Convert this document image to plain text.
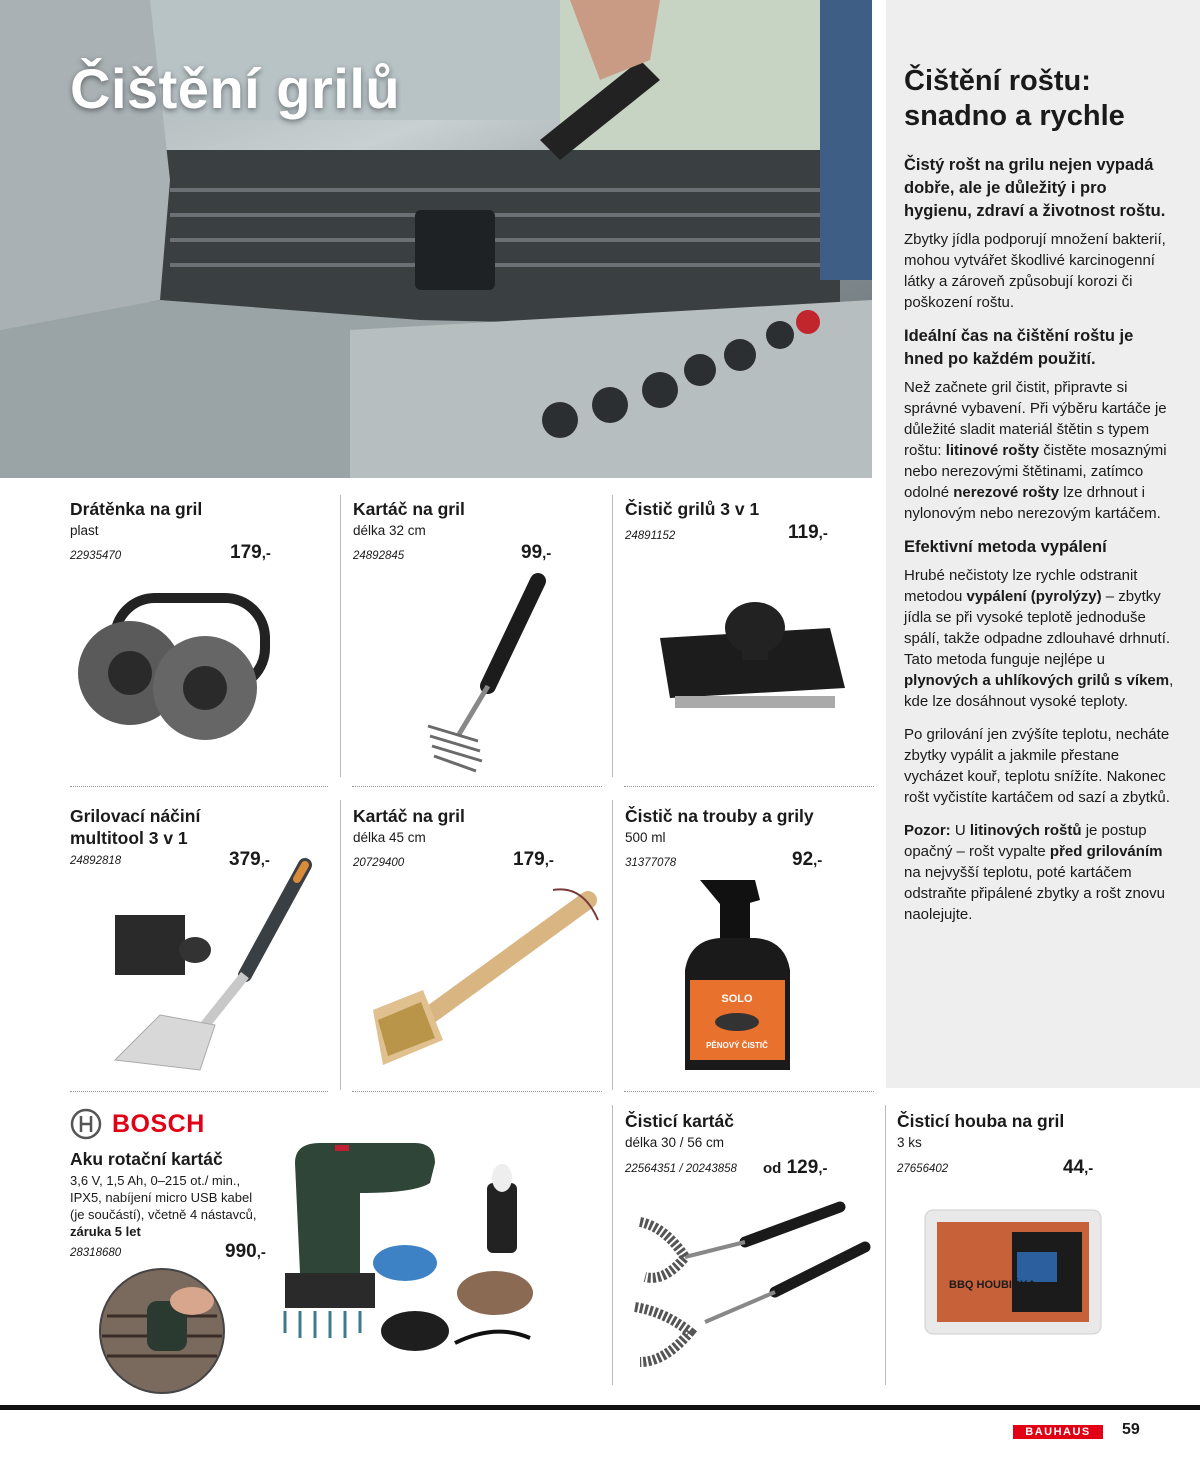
Čištění grilů	Čištění roštu:
snadno a rychle
Čistý rošt na grilu nejen vypadá dobře, ale je důležitý i pro hygienu, zdraví a životnost roštu.
Zbytky jídla podporují množení bakterií, mohou vytvářet škodlivé karcinogenní látky a zároveň způsobují korozi či poškození roštu.
Ideální čas na čištění roštu je hned po každém použití.
Než začnete gril čistit, připravte si správné vybavení. Při výběru kartáče je důležité sladit materiál štětin s typem roštu: litinové rošty čistěte mosaznými nebo nerezovými štětinami, zatímco odolné nerezové rošty lze drhnout i nylonovým nebo nerezovým kartáčem.
Efektivní metoda vypálení
Hrubé nečistoty lze rychle odstranit metodou vypálení (pyrolýzy) – zbytky jídla se při vysoké teplotě jednoduše spálí, takže odpadne zdlouhavé drhnutí. Tato metoda funguje nejlépe u plynových a uhlíkových grilů s víkem, kde lze dosáhnout vysoké teploty.
Po grilování jen zvýšíte teplotu, necháte zbytky vypálit a jakmile přestane vycházet kouř, teplotu snížíte. Nakonec rošt vyčistíte kartáčem od sazí a zbytků.
Pozor: U litinových roštů je postup opačný – rošt vypalte před grilováním na nejvyšší teplotu, poté kartáčem odstraňte připálené zbytky a rošt znovu naolejujte.
Drátěnka na gril
plast
22935470	179,-
Kartáč na gril
délka 32 cm
24892845	99,-
Čistič grilů 3 v 1
24891152	119,-
Grilovací náčiní
multitool 3 v 1
24892818	379,-
Kartáč na gril
délka 45 cm
20729400	179,-
Čistič na trouby a grily
500 ml
31377078	92,-
SOLO
PĚNOVÝ ČISTIČ
BOSCH
Aku rotační kartáč
3,6 V, 1,5 Ah, 0–215 ot./ min.,
IPX5, nabíjení micro USB kabel
(je součástí), včetně 4 nástavců,
záruka 5 let
28318680	990,-
Čisticí kartáč
délka 30 / 56 cm
22564351 / 20243858 od 129,-
Čisticí houba na gril
3 ks
27656402	44,-
BBQ HOUBIČKA
BAUHAUS	59
